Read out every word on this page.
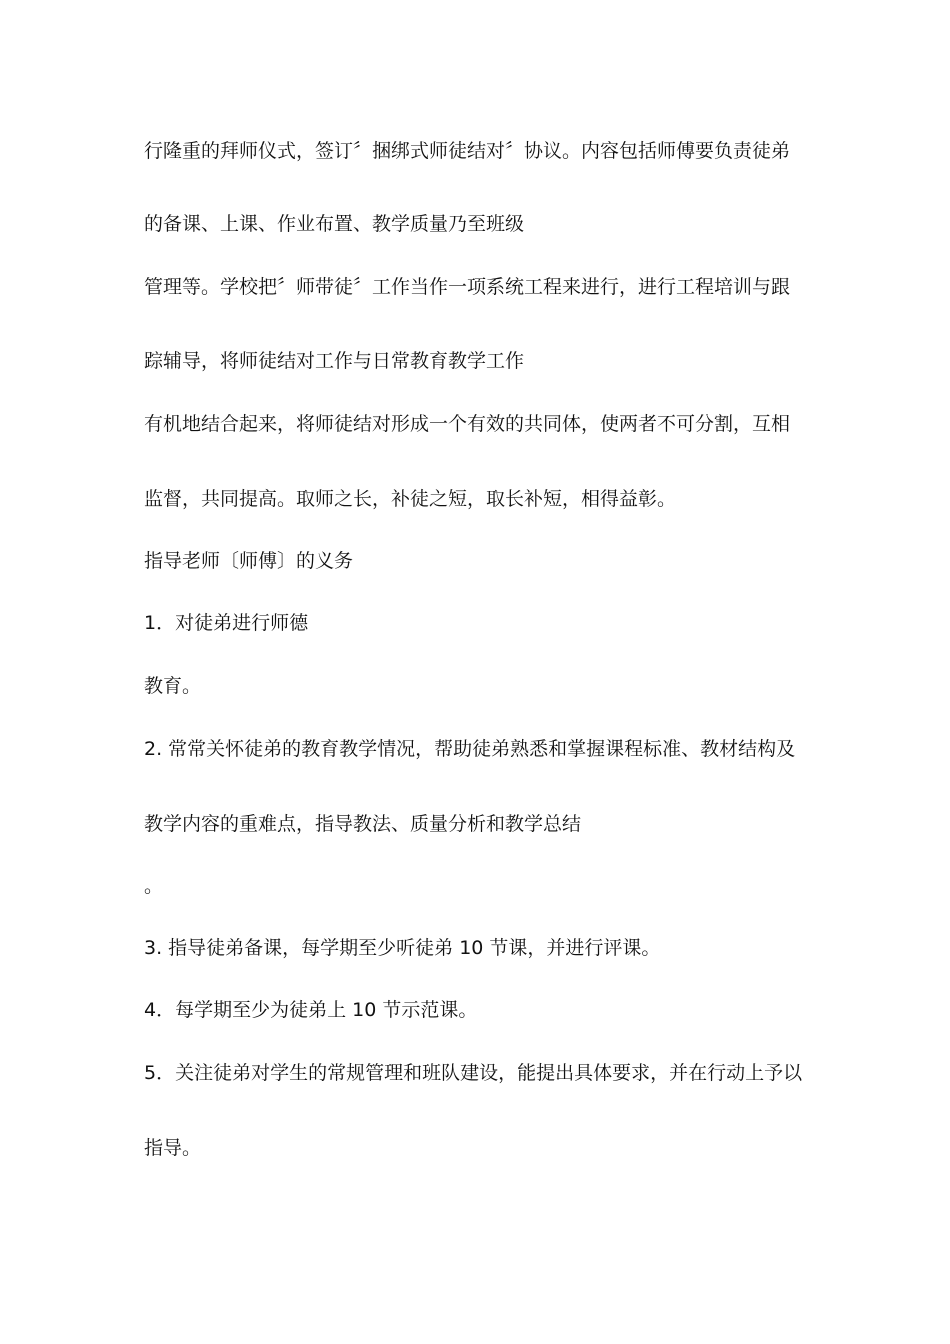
行隆重的拜师仪式，签订〞捆绑式师徒结对〞协议。内容包括师傅要负责徒弟

的备课、上课、作业布置、教学质量乃至班级

管理等。学校把〞师带徒〞工作当作一项系统工程来进行，进行工程培训与跟

踪辅导，将师徒结对工作与日常教育教学工作

有机地结合起来，将师徒结对形成一个有效的共同体，使两者不可分割，互相

监督，共同提高。取师之长，补徒之短，取长补短，相得益彰。

指导老师〔师傅〕的义务

1．对徒弟进行师德

教育。

2. 常常关怀徒弟的教育教学情况，帮助徒弟熟悉和掌握课程标准、教材结构及

教学内容的重难点，指导教法、质量分析和教学总结

。

3. 指导徒弟备课，每学期至少听徒弟 10 节课，并进行评课。

4．每学期至少为徒弟上 10 节示范课。

5．关注徒弟对学生的常规管理和班队建设，能提出具体要求，并在行动上予以

指导。
